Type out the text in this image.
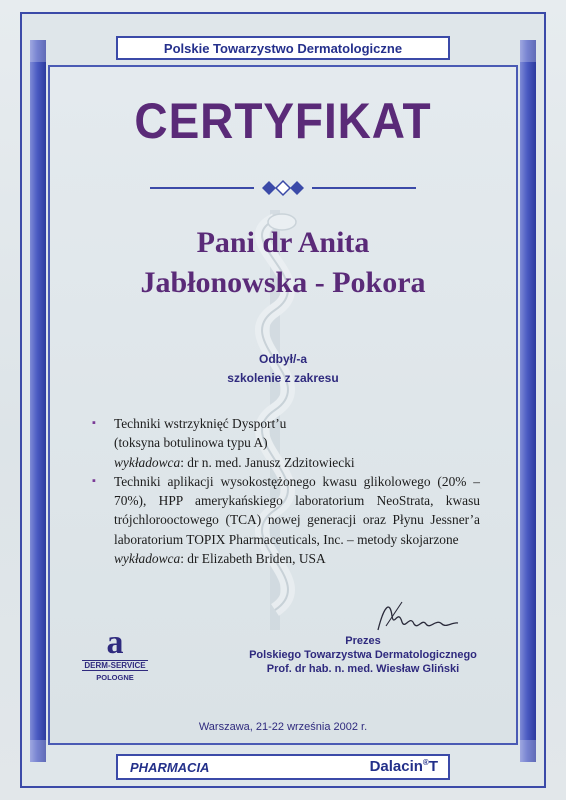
Polskie Towarzystwo Dermatologiczne
CERTYFIKAT
Pani dr Anita
Jabłonowska - Pokora
Odbył/-a
szkolenie z zakresu
▪ Techniki wstrzyknięć Dysport’u
(toksyna botulinowa typu A)
wykładowca: dr n. med. Janusz Zdzitowiecki
▪ Techniki aplikacji wysokostężonego kwasu glikolowego (20% – 70%), HPP amerykańskiego laboratorium NeoStrata, kwasu trójchlorooctowego (TCA) nowej generacji oraz Płynu Jessner’a laboratorium TOPIX Pharmaceuticals, Inc. – metody skojarzone
wykładowca: dr Elizabeth Briden, USA
Prezes
Polskiego Towarzystwa Dermatologicznego
Prof. dr hab. n. med. Wiesław Gliński
a
DERM-SERVICE
POLOGNE
Warszawa, 21-22 września 2002 r.
PHARMACIA	Dalacin®T
